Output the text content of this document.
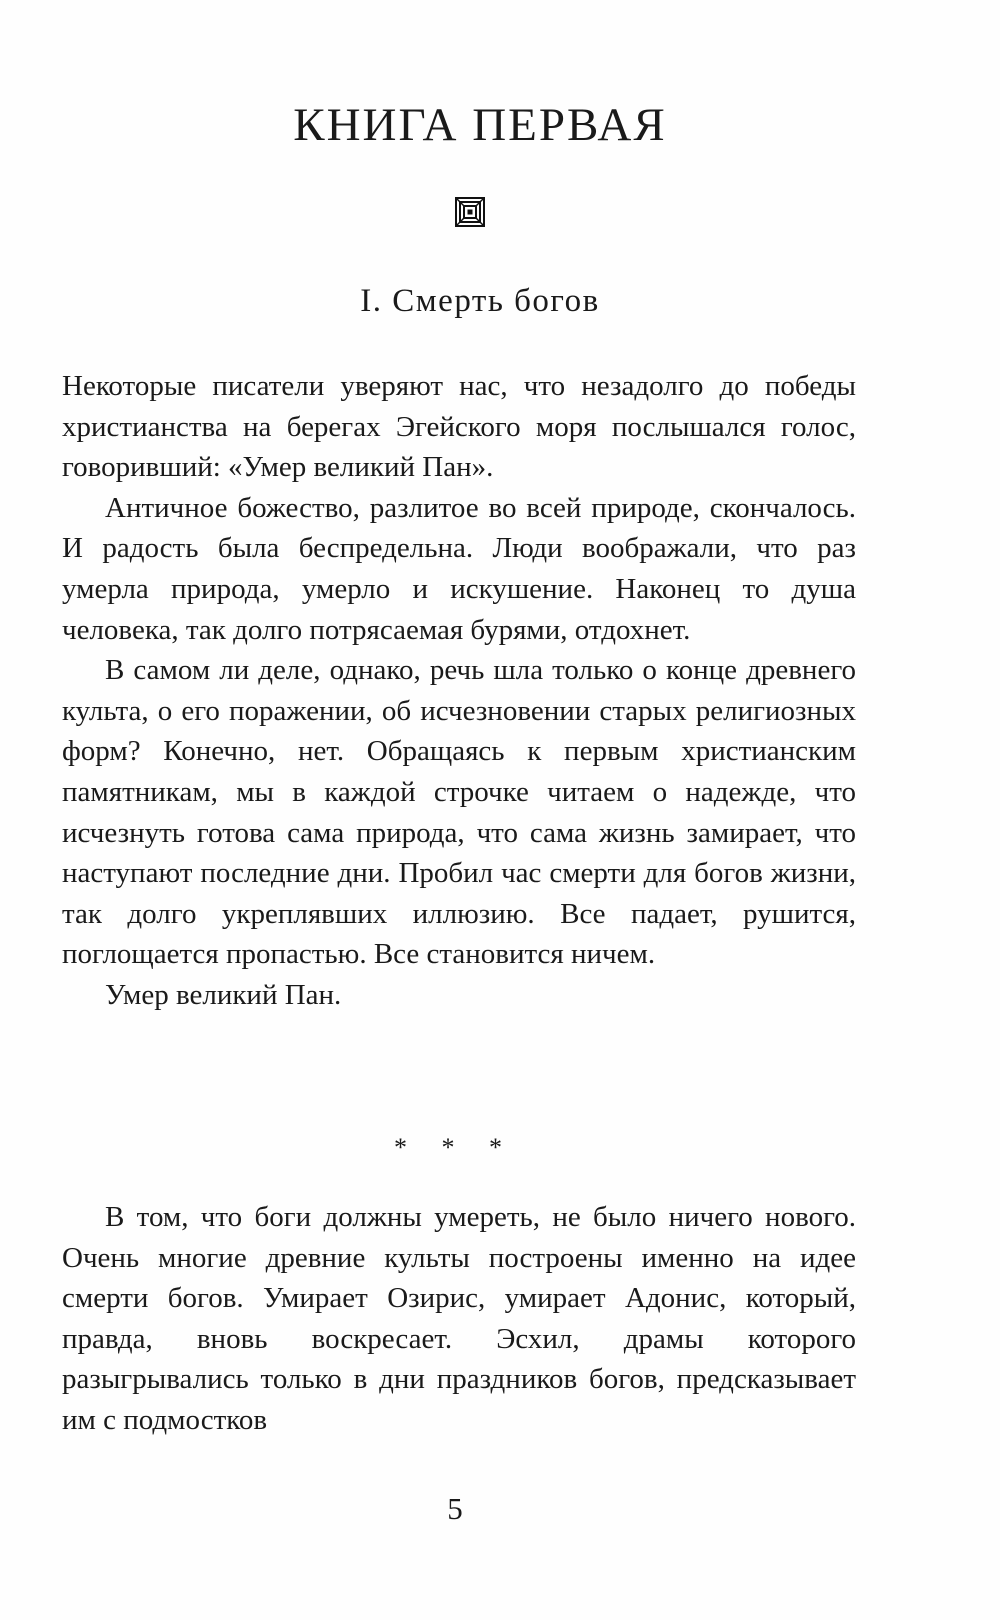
КНИГА ПЕРВАЯ
I. Смерть богов

Некоторые писатели уверяют нас, что незадолго до победы христианства на берегах Эгейского моря послышался голос, говоривший: «Умер великий Пан».

Античное божество, разлитое во всей природе, скончалось. И радость была беспредельна. Люди воображали, что раз умерла природа, умерло и искушение. Наконец то душа человека, так долго потрясаемая бурями, отдохнет.

В самом ли деле, однако, речь шла только о конце древнего культа, о его поражении, об исчезновении старых религиозных форм? Конечно, нет. Обращаясь к первым христианским памятникам, мы в каждой строчке читаем о надежде, что исчезнуть готова сама природа, что сама жизнь замирает, что наступают последние дни. Пробил час смерти для богов жизни, так долго укреплявших иллюзию. Все падает, рушится, поглощается пропастью. Все становится ничем.

Умер великий Пан.

* * *

В том, что боги должны умереть, не было ничего нового. Очень многие древние культы построены именно на идее смерти богов. Умирает Озирис, умирает Адонис, который, правда, вновь воскресает. Эсхил, драмы которого разыгрывались только в дни праздников богов, предсказывает им с подмостков

5
